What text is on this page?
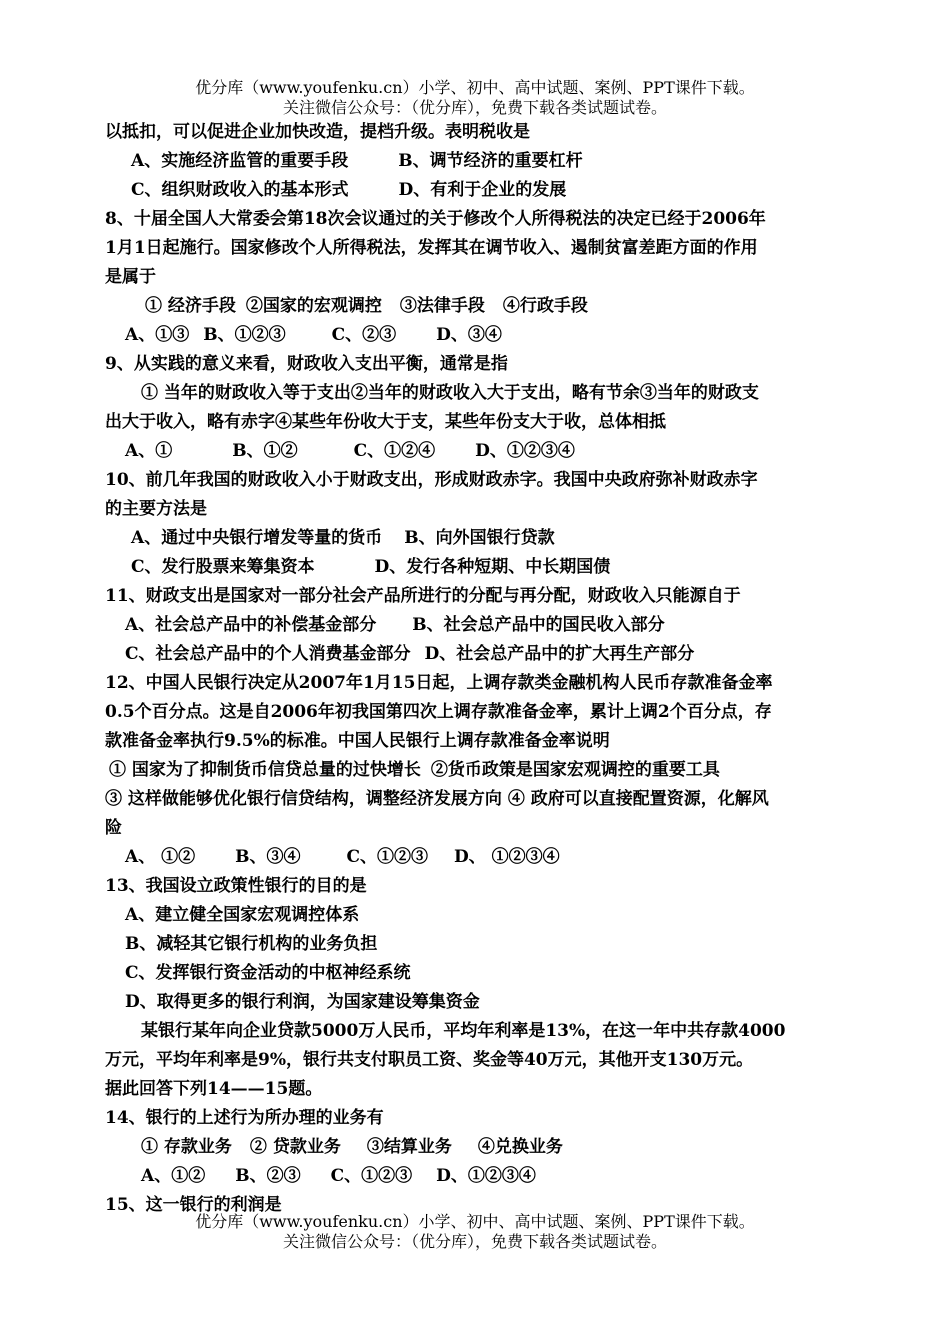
优分库（www.youfenku.cn）小学、初中、高中试题、案例、PPT课件下载。
关注微信公众号：（优分库），免费下载各类试题试卷。
以抵扣，可以促进企业加快改造，提档升级。表明税收是
A、实施经济监管的重要手段	B、调节经济的重要杠杆
C、组织财政收入的基本形式	D、有利于企业的发展
8、十届全国人大常委会第18次会议通过的关于修改个人所得税法的决定已经于2006年
1月1日起施行。国家修改个人所得税法，发挥其在调节收入、遏制贫富差距方面的作用
是属于
① 经济手段 ②国家的宏观调控 ③法律手段 ④行政手段
A、①③ B、①②③	C、②③ D、③④
9、从实践的意义来看，财政收入支出平衡，通常是指
① 当年的财政收入等于支出②当年的财政收入大于支出，略有节余③当年的财政支
出大于收入，略有赤字④某些年份收大于支，某些年份支大于收，总体相抵
A、①	B、①②	C、①②④ D、①②③④
10、前几年我国的财政收入小于财政支出，形成财政赤字。我国中央政府弥补财政赤字
的主要方法是
A、通过中央银行增发等量的货币 B、向外国银行贷款
C、发行股票来筹集资本	D、发行各种短期、中长期国债
11、财政支出是国家对一部分社会产品所进行的分配与再分配，财政收入只能源自于
A、社会总产品中的补偿基金部分 B、社会总产品中的国民收入部分
C、社会总产品中的个人消费基金部分 D、社会总产品中的扩大再生产部分
12、中国人民银行决定从2007年1月15日起，上调存款类金融机构人民币存款准备金率
0.5个百分点。这是自2006年初我国第四次上调存款准备金率，累计上调2个百分点，存
款准备金率执行9.5%的标准。中国人民银行上调存款准备金率说明
① 国家为了抑制货币信贷总量的过快增长 ②货币政策是国家宏观调控的重要工具
③ 这样做能够优化银行信贷结构，调整经济发展方向 ④ 政府可以直接配置资源，化解风
险
A、 ①② B、③④	C、①②③ D、 ①②③④
13、我国设立政策性银行的目的是
A、建立健全国家宏观调控体系
B、减轻其它银行机构的业务负担
C、发挥银行资金活动的中枢神经系统
D、取得更多的银行利润，为国家建设筹集资金
某银行某年向企业贷款5000万人民币，平均年利率是13%，在这一年中共存款4000
万元，平均年利率是9%，银行共支付职员工资、奖金等40万元，其他开支130万元。
据此回答下列14——15题。
14、银行的上述行为所办理的业务有
① 存款业务 ② 贷款业务 ③结算业务 ④兑换业务
A、①② B、②③ C、①②③ D、①②③④
15、这一银行的利润是
优分库（www.youfenku.cn）小学、初中、高中试题、案例、PPT课件下载。
关注微信公众号：（优分库），免费下载各类试题试卷。
